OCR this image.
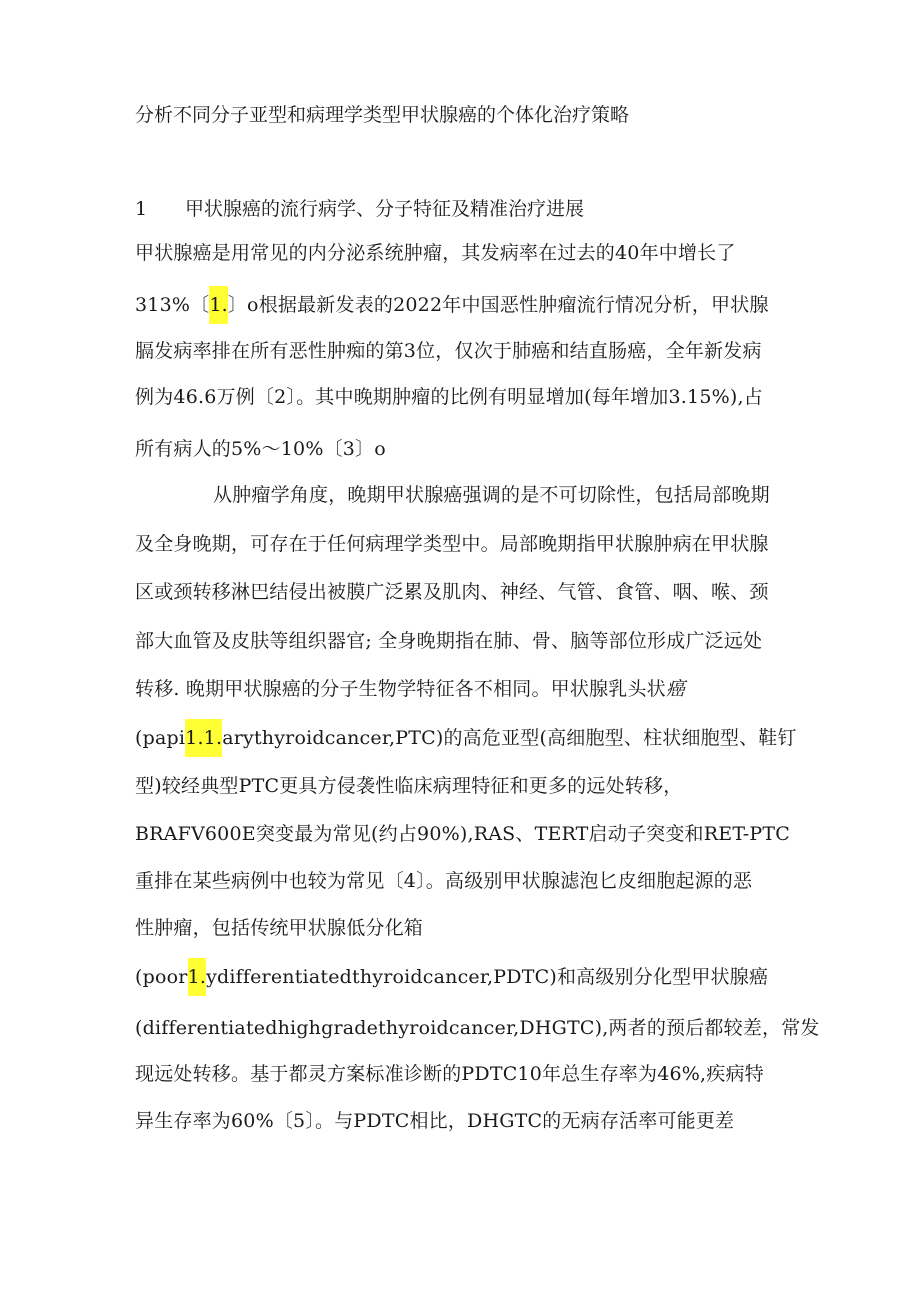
分析不同分子亚型和病理学类型甲状腺癌的个体化治疗策略
1 甲状腺癌的流行病学、分子特征及精准治疗进展
甲状腺癌是用常见的内分泌系统肿瘤，其发病率在过去的40年中增长了
313%〔1.〕o根据最新发表的2022年中国恶性肿瘤流行情况分析，甲状腺
膈发病率排在所有恶性肿痴的第3位，仅次于肺癌和结直肠癌，全年新发病
例为46.6万例〔2〕。其中晚期肿瘤的比例有明显增加(每年增加3.15%),占
所有病人的5%～10%〔3〕o
从肿瘤学角度，晚期甲状腺癌强调的是不可切除性，包括局部晚期
及全身晚期，可存在于任何病理学类型中。局部晚期指甲状腺肿病在甲状腺
区或颈转移淋巴结侵出被膜广泛累及肌肉、神经、气管、食管、咽、喉、颈
部大血管及皮肤等组织器官; 全身晚期指在肺、骨、脑等部位形成广泛远处
转移. 晚期甲状腺癌的分子生物学特征各不相同。甲状腺乳头状癌
(papi1.1.arythyroidcancer,PTC)的高危亚型(高细胞型、柱状细胞型、鞋钉
型)较经典型PTC更具方侵袭性临床病理特征和更多的远处转移，
BRAFV600E突变最为常见(约占90%),RAS、TERT启动子突变和RET-PTC
重排在某些病例中也较为常见〔4〕。高级别甲状腺滤泡匕皮细胞起源的恶
性肿瘤，包括传统甲状腺低分化箱
(poor1.ydifferentiatedthyroidcancer,PDTC)和高级别分化型甲状腺癌
(differentiatedhighgradethyroidcancer,DHGTC),两者的预后都较差，常发
现远处转移。基于都灵方案标准诊断的PDTC10年总生存率为46%,疾病特
异生存率为60%〔5〕。与PDTC相比，DHGTC的无病存活率可能更差
